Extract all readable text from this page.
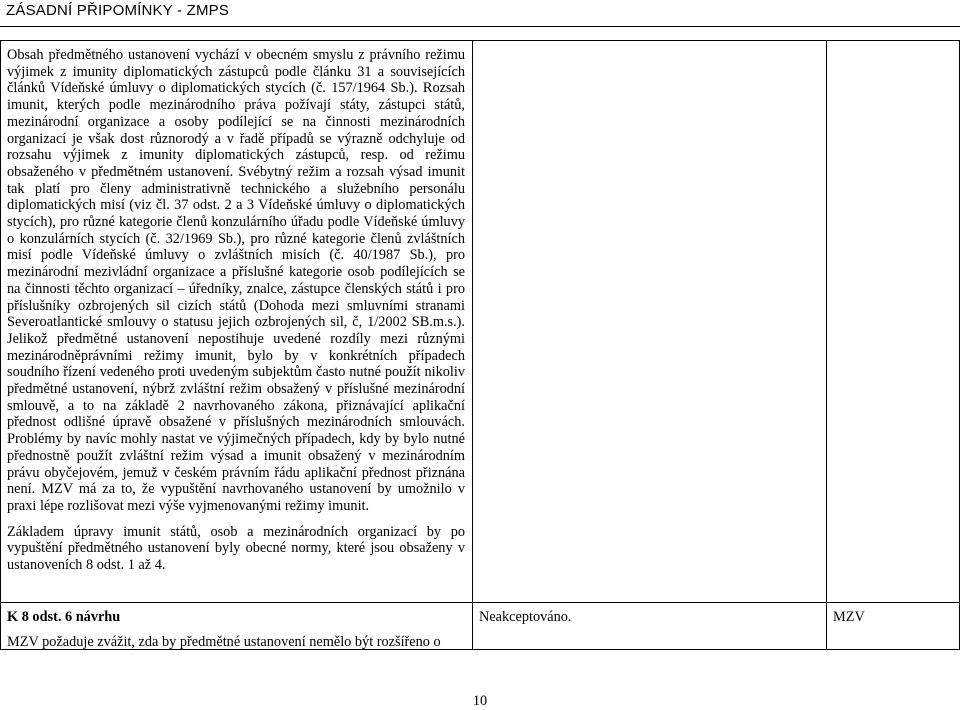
ZÁSADNÍ PŘIPOMÍNKY - ZMPS

Obsah předmětného ustanovení vychází v obecném smyslu z právního režimu výjimek z imunity diplomatických zástupců podle článku 31 a souvisejících článků Vídeňské úmluvy o diplomatických stycích (č. 157/1964 Sb.). Rozsah imunit, kterých podle mezinárodního práva požívají státy, zástupci států, mezinárodní organizace a osoby podílející se na činnosti mezinárodních organizací je však dost různorodý a v řadě případů se výrazně odchyluje od rozsahu výjimek z imunity diplomatických zástupců, resp. od režimu obsaženého v předmětném ustanovení. Svébytný režim a rozsah výsad imunit tak platí pro členy administrativně technického a služebního personálu diplomatických misí (viz čl. 37 odst. 2 a 3 Vídeňské úmluvy o diplomatických stycích), pro různé kategorie členů konzulárního úřadu podle Vídeňské úmluvy o konzulárních stycích (č. 32/1969 Sb.), pro různé kategorie členů zvláštních misí podle Vídeňské úmluvy o zvláštních misích (č. 40/1987 Sb.), pro mezinárodní mezivládní organizace a příslušné kategorie osob podílejících se na činnosti těchto organizací – úředníky, znalce, zástupce členských států i pro příslušníky ozbrojených sil cizích států (Dohoda mezi smluvními stranami Severoatlantické smlouvy o statusu jejich ozbrojených sil, č, 1/2002 SB.m.s.). Jelikož předmětné ustanovení nepostihuje uvedené rozdíly mezi různými mezinárodněprávními režimy imunit, bylo by v konkrétních případech soudního řízení vedeného proti uvedeným subjektům často nutné použít nikoliv předmětné ustanovení, nýbrž zvláštní režim obsažený v příslušné mezinárodní smlouvě, a to na základě 2 navrhovaného zákona, přiznávající aplikační přednost odlišné úpravě obsažené v příslušných mezinárodních smlouvách. Problémy by navíc mohly nastat ve výjimečných případech, kdy by bylo nutné přednostně použít zvláštní režim výsad a imunit obsažený v mezinárodním právu obyčejovém, jemuž v českém právním řádu aplikační přednost přiznána není. MZV má za to, že vypuštění navrhovaného ustanovení by umožnilo v praxi lépe rozlišovat mezi výše vyjmenovanými režimy imunit.

Základem úpravy imunit států, osob a mezinárodních organizací by po vypuštění předmětného ustanovení byly obecné normy, které jsou obsaženy v ustanoveních 8 odst. 1 až 4.

K 8 odst. 6 návrhu
MZV požaduje zvážit, zda by předmětné ustanovení nemělo být rozšířeno o
Neakceptováno.	MZV
10
